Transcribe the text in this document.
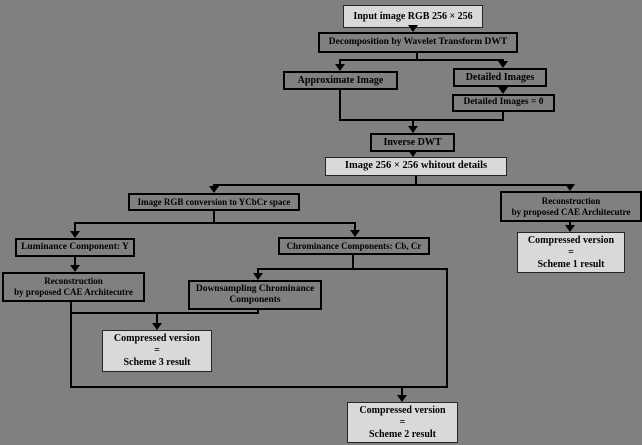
Input image RGB 256 × 256
Decomposition by Wavelet Transform DWT
Approximate Image	Detailed Images
Detailed Images = 0
Inverse DWT
Image 256 × 256 whitout details
Image RGB conversion to YCbCr space	Reconstruction
by proposed CAE Architecutre
Compressed version
=
Scheme 1 result
Luminance Component: Y
Reconstruction
by proposed CAE Architecutre
Chrominance Components: Cb, Cr
Downsampling Chrominance
Components
Compressed version
=
Scheme 3 result
Compressed version
=
Scheme 2 result
